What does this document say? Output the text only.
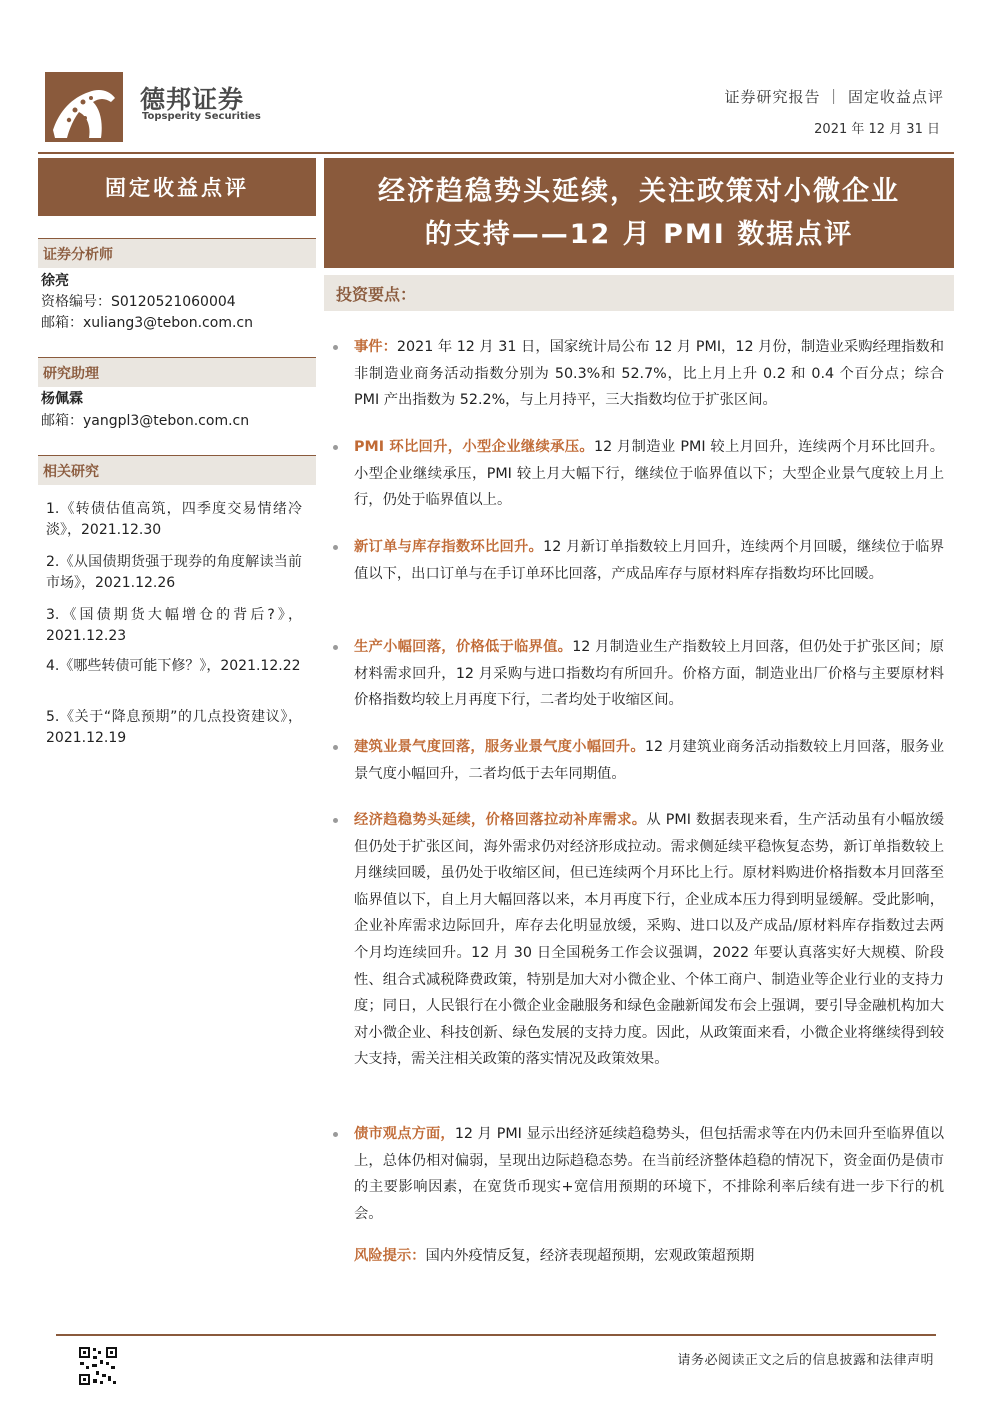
德邦证券
Topsperity Securities
证券研究报告 ｜ 固定收益点评
2021 年 12 月 31 日
固定收益点评
证券分析师
徐亮
资格编号：S0120521060004
邮箱：xuliang3@tebon.com.cn
研究助理
杨佩霖
邮箱：yangpl3@tebon.com.cn
相关研究
1.《转债估值高筑，四季度交易情绪冷淡》，2021.12.30
2.《从国债期货强于现券的角度解读当前市场》，2021.12.26
3.《国债期货大幅增仓的背后?》，2021.12.23
4.《哪些转债可能下修？》，2021.12.22
5.《关于“降息预期”的几点投资建议》，2021.12.19
经济趋稳势头延续，关注政策对小微企业
的支持——12 月 PMI 数据点评
投资要点：
事件：2021 年 12 月 31 日，国家统计局公布 12 月 PMI，12 月份，制造业采购经理指数和非制造业商务活动指数分别为 50.3%和 52.7%，比上月上升 0.2 和 0.4 个百分点；综合 PMI 产出指数为 52.2%，与上月持平，三大指数均位于扩张区间。
PMI 环比回升，小型企业继续承压。12 月制造业 PMI 较上月回升，连续两个月环比回升。小型企业继续承压，PMI 较上月大幅下行，继续位于临界值以下；大型企业景气度较上月上行，仍处于临界值以上。
新订单与库存指数环比回升。12 月新订单指数较上月回升，连续两个月回暖，继续位于临界值以下，出口订单与在手订单环比回落，产成品库存与原材料库存指数均环比回暖。
生产小幅回落，价格低于临界值。12 月制造业生产指数较上月回落，但仍处于扩张区间；原材料需求回升，12 月采购与进口指数均有所回升。价格方面，制造业出厂价格与主要原材料价格指数均较上月再度下行，二者均处于收缩区间。
建筑业景气度回落，服务业景气度小幅回升。12 月建筑业商务活动指数较上月回落，服务业景气度小幅回升，二者均低于去年同期值。
经济趋稳势头延续，价格回落拉动补库需求。从 PMI 数据表现来看，生产活动虽有小幅放缓但仍处于扩张区间，海外需求仍对经济形成拉动。需求侧延续平稳恢复态势，新订单指数较上月继续回暖，虽仍处于收缩区间，但已连续两个月环比上行。原材料购进价格指数本月回落至临界值以下，自上月大幅回落以来，本月再度下行，企业成本压力得到明显缓解。受此影响，企业补库需求边际回升，库存去化明显放缓，采购、进口以及产成品/原材料库存指数过去两个月均连续回升。12 月 30 日全国税务工作会议强调，2022 年要认真落实好大规模、阶段性、组合式减税降费政策，特别是加大对小微企业、个体工商户、制造业等企业行业的支持力度；同日，人民银行在小微企业金融服务和绿色金融新闻发布会上强调，要引导金融机构加大对小微企业、科技创新、绿色发展的支持力度。因此，从政策面来看，小微企业将继续得到较大支持，需关注相关政策的落实情况及政策效果。
债市观点方面，12 月 PMI 显示出经济延续趋稳势头，但包括需求等在内仍未回升至临界值以上，总体仍相对偏弱，呈现出边际趋稳态势。在当前经济整体趋稳的情况下，资金面仍是债市的主要影响因素，在宽货币现实+宽信用预期的环境下，不排除利率后续有进一步下行的机会。
风险提示：国内外疫情反复，经济表现超预期，宏观政策超预期
请务必阅读正文之后的信息披露和法律声明
